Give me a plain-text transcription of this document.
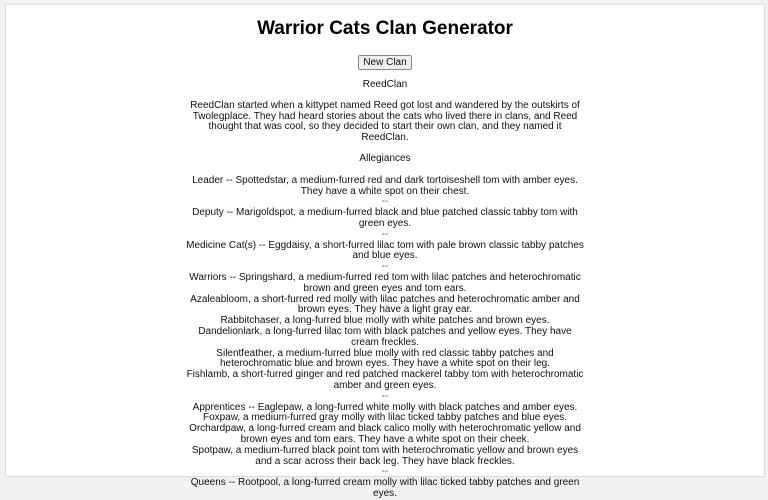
Warrior Cats Clan Generator
New Clan
ReedClan
ReedClan started when a kittypet named Reed got lost and wandered by the outskirts of Twolegplace. They had heard stories about the cats who lived there in clans, and Reed thought that was cool, so they decided to start their own clan, and they named it ReedClan.
Allegiances
Leader -- Spottedstar, a medium-furred red and dark tortoiseshell tom with amber eyes. They have a white spot on their chest.
--
Deputy -- Marigoldspot, a medium-furred black and blue patched classic tabby tom with green eyes.
--
Medicine Cat(s) -- Eggdaisy, a short-furred lilac tom with pale brown classic tabby patches and blue eyes.
--
Warriors -- Springshard, a medium-furred red tom with lilac patches and heterochromatic brown and green eyes and tom ears.
Azaleabloom, a short-furred red molly with lilac patches and heterochromatic amber and brown eyes. They have a light gray ear.
Rabbitchaser, a long-furred blue molly with white patches and brown eyes.
Dandelionlark, a long-furred lilac tom with black patches and yellow eyes. They have cream freckles.
Silentfeather, a medium-furred blue molly with red classic tabby patches and heterochromatic blue and brown eyes. They have a white spot on their leg.
Fishlamb, a short-furred ginger and red patched mackerel tabby tom with heterochromatic amber and green eyes.
--
Apprentices -- Eaglepaw, a long-furred white molly with black patches and amber eyes.
Foxpaw, a medium-furred gray molly with lilac ticked tabby patches and blue eyes.
Orchardpaw, a long-furred cream and black calico molly with heterochromatic yellow and brown eyes and tom ears. They have a white spot on their cheek.
Spotpaw, a medium-furred black point tom with heterochromatic yellow and brown eyes and a scar across their back leg. They have black freckles.
--
Queens -- Rootpool, a long-furred cream molly with lilac ticked tabby patches and green eyes.
